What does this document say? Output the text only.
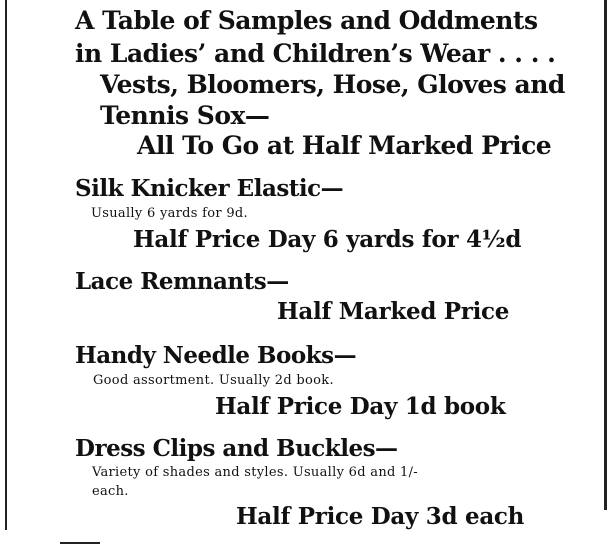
A Table of Samples and Oddments
in Ladies’ and Children’s Wear . . . .
Vests, Bloomers, Hose, Gloves and
Tennis Sox—
All To Go at Half Marked Price
Silk Knicker Elastic—
Usually 6 yards for 9d.
Half Price Day 6 yards for 4½d
Lace Remnants—
Half Marked Price
Handy Needle Books—
Good assortment. Usually 2d book.
Half Price Day 1d book
Dress Clips and Buckles—
Variety of shades and styles. Usually 6d and 1/-
each.
Half Price Day 3d each
